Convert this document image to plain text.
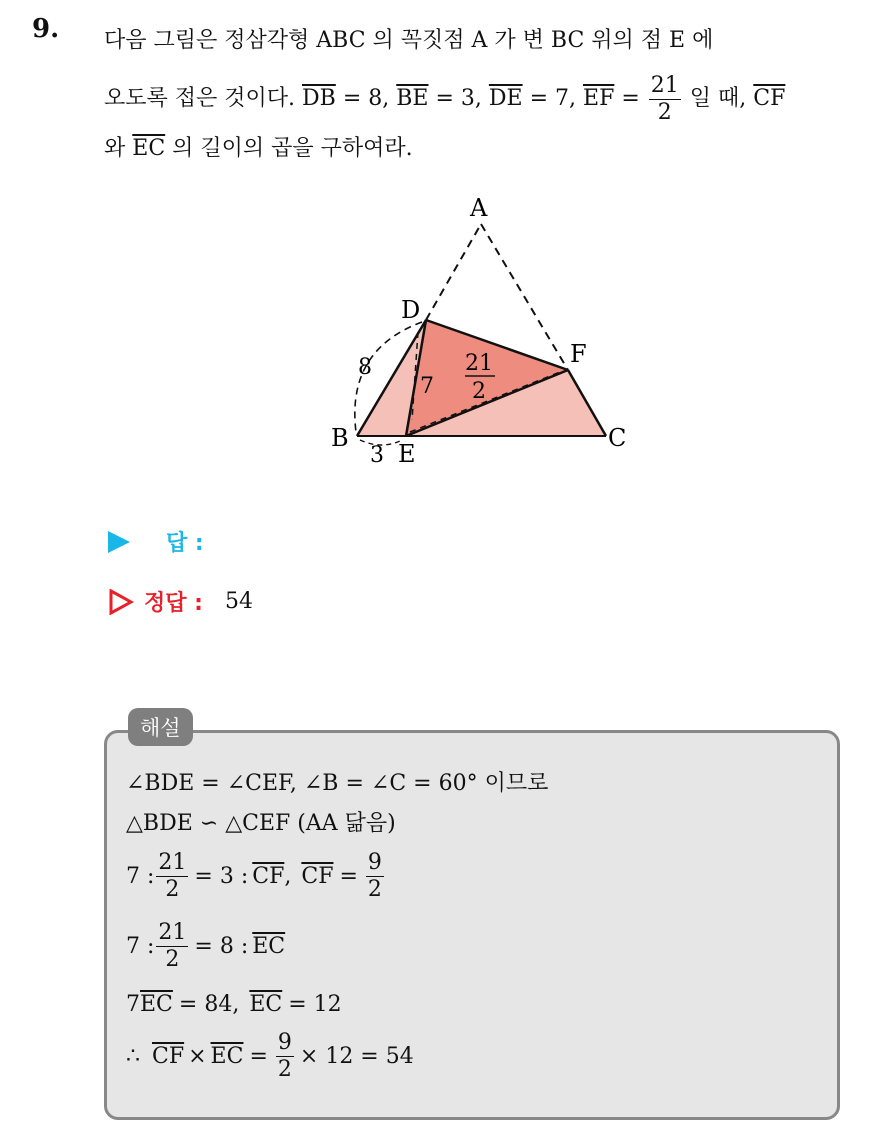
9. 다음 그림은 정삼각형 ABC 의 꼭짓점 A 가 변 BC 위의 점 E 에
오도록 접은 것이다. $\overline{DB} = 8$, $\overline{BE} = 3$, $\overline{DE} = 7$, $\overline{EF} = \frac{21}{2}$ 일 때, $\overline{CF}$
와 $\overline{EC}$ 의 길이의 곱을 구하여라.
A
D
F
B
E
C
8
7
3
21
2
답 :
정답 : 54
해설
∠BDE = ∠CEF, ∠B = ∠C = 60° 이므로
△BDE ∽ △CEF (AA 닮음)
7 : $\frac{21}{2} = 3$ : $\overline{CF}$ , $\overline{CF} = \frac{9}{2}$
7 : $\frac{21}{2} = 8$ : $\overline{EC}$
7 $\overline{EC} = 84$, $\overline{EC} = 12$
∴ $\overline{CF} \times \overline{EC} = \frac{9}{2} \times 12 = 54$
